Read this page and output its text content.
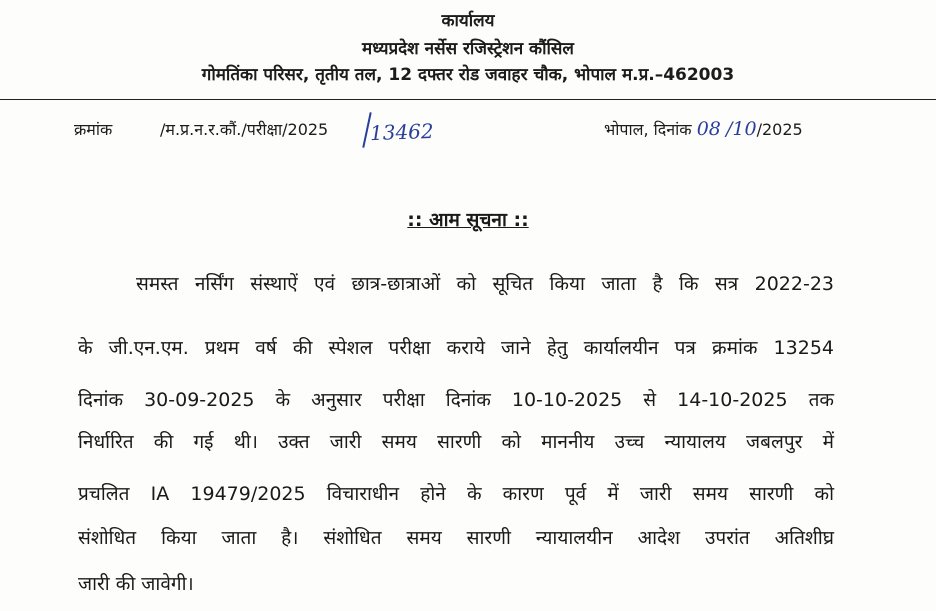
कार्यालय
मध्यप्रदेश नर्सेस रजिस्ट्रेशन कौंसिल
गोमतिंका परिसर, तृतीय तल, 12 दफ्तर रोड जवाहर चौक, भोपाल म.प्र.–462003
क्रमांक	/म.प्र.न.र.कौं./परीक्षा/2025 13462	भोपाल, दिनांक 08 /10/2025
:: आम सूचना ::
समस्त नर्सिंग संस्थाऐं एवं छात्र-छात्राओं को सूचित किया जाता है कि सत्र 2022-23
के जी.एन.एम. प्रथम वर्ष की स्पेशल परीक्षा कराये जाने हेतु कार्यालयीन पत्र क्रमांक 13254
दिनांक 30-09-2025 के अनुसार परीक्षा दिनांक 10-10-2025 से 14-10-2025 तक
निर्धारित की गई थी। उक्त जारी समय सारणी को माननीय उच्च न्यायालय जबलपुर में
प्रचलित IA 19479/2025 विचाराधीन होने के कारण पूर्व में जारी समय सारणी को
संशोधित किया जाता है। संशोधित समय सारणी न्यायालयीन आदेश उपरांत अतिशीघ्र
जारी की जावेगी।
